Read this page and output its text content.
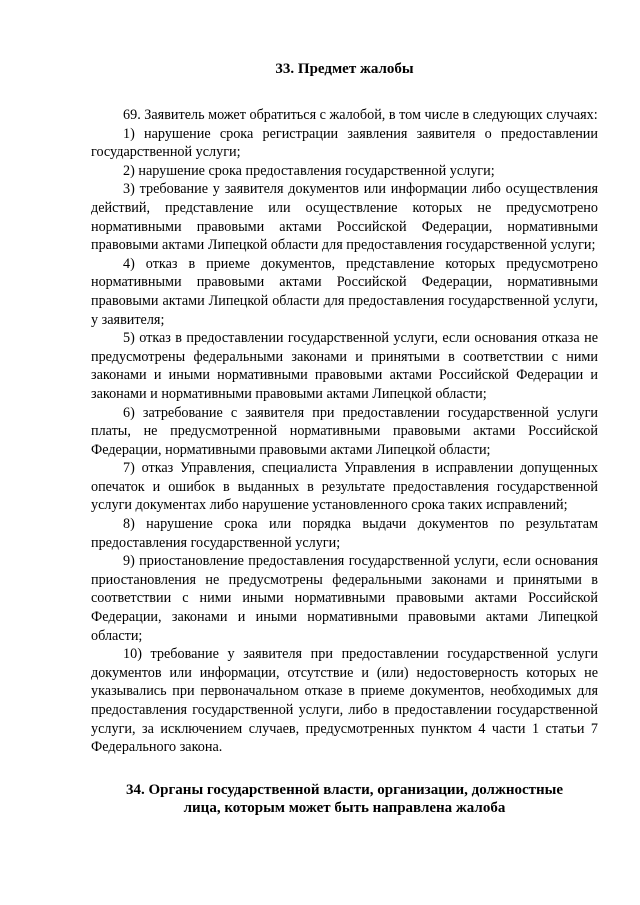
33. Предмет жалобы

69. Заявитель может обратиться с жалобой, в том числе в следующих случаях:

1) нарушение срока регистрации заявления заявителя о предоставлении государственной услуги;

2) нарушение срока предоставления государственной услуги;

3) требование у заявителя документов или информации либо осуществления действий, представление или осуществление которых не предусмотрено нормативными правовыми актами Российской Федерации, нормативными правовыми актами Липецкой области для предоставления государственной услуги;

4) отказ в приеме документов, представление которых предусмотрено нормативными правовыми актами Российской Федерации, нормативными правовыми актами Липецкой области для предоставления государственной услуги, у заявителя;

5) отказ в предоставлении государственной услуги, если основания отказа не предусмотрены федеральными законами и принятыми в соответствии с ними законами и иными нормативными правовыми актами Российской Федерации и законами и нормативными правовыми актами Липецкой области;

6) затребование с заявителя при предоставлении государственной услуги платы, не предусмотренной нормативными правовыми актами Российской Федерации, нормативными правовыми актами Липецкой области;

7) отказ Управления, специалиста Управления в исправлении допущенных опечаток и ошибок в выданных в результате предоставления государственной услуги документах либо нарушение установленного срока таких исправлений;

8) нарушение срока или порядка выдачи документов по результатам предоставления государственной услуги;

9) приостановление предоставления государственной услуги, если основания приостановления не предусмотрены федеральными законами и принятыми в соответствии с ними иными нормативными правовыми актами Российской Федерации, законами и иными нормативными правовыми актами Липецкой области;

10) требование у заявителя при предоставлении государственной услуги документов или информации, отсутствие и (или) недостоверность которых не указывались при первоначальном отказе в приеме документов, необходимых для предоставления государственной услуги, либо в предоставлении государственной услуги, за исключением случаев, предусмотренных пунктом 4 части 1 статьи 7 Федерального закона.

34. Органы государственной власти, организации, должностные лица, которым может быть направлена жалоба
